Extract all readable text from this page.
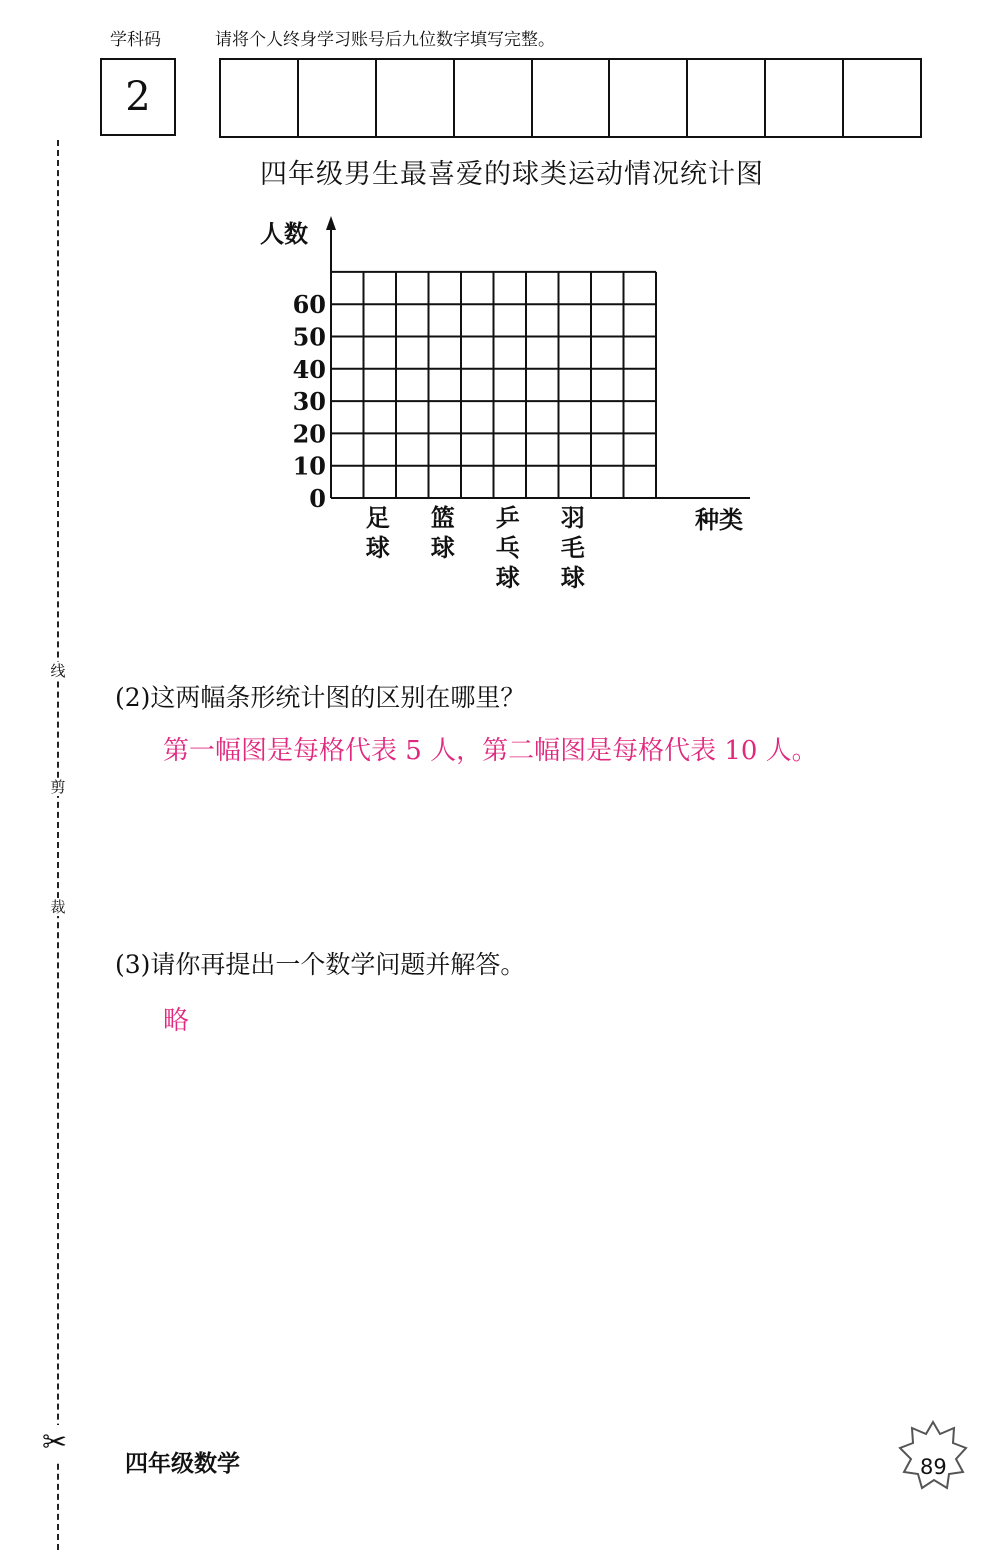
学科码	请将个人终身学习账号后九位数字填写完整。
2
线
剪
裁
✂
四年级男生最喜爱的球类运动情况统计图
0
10
20
30
40
50
60
人数
种类
足球
篮球
乒乓球
羽毛球
(2)这两幅条形统计图的区别在哪里？
第一幅图是每格代表 5 人，第二幅图是每格代表 10 人。
(3)请你再提出一个数学问题并解答。
略
四年级数学	89
